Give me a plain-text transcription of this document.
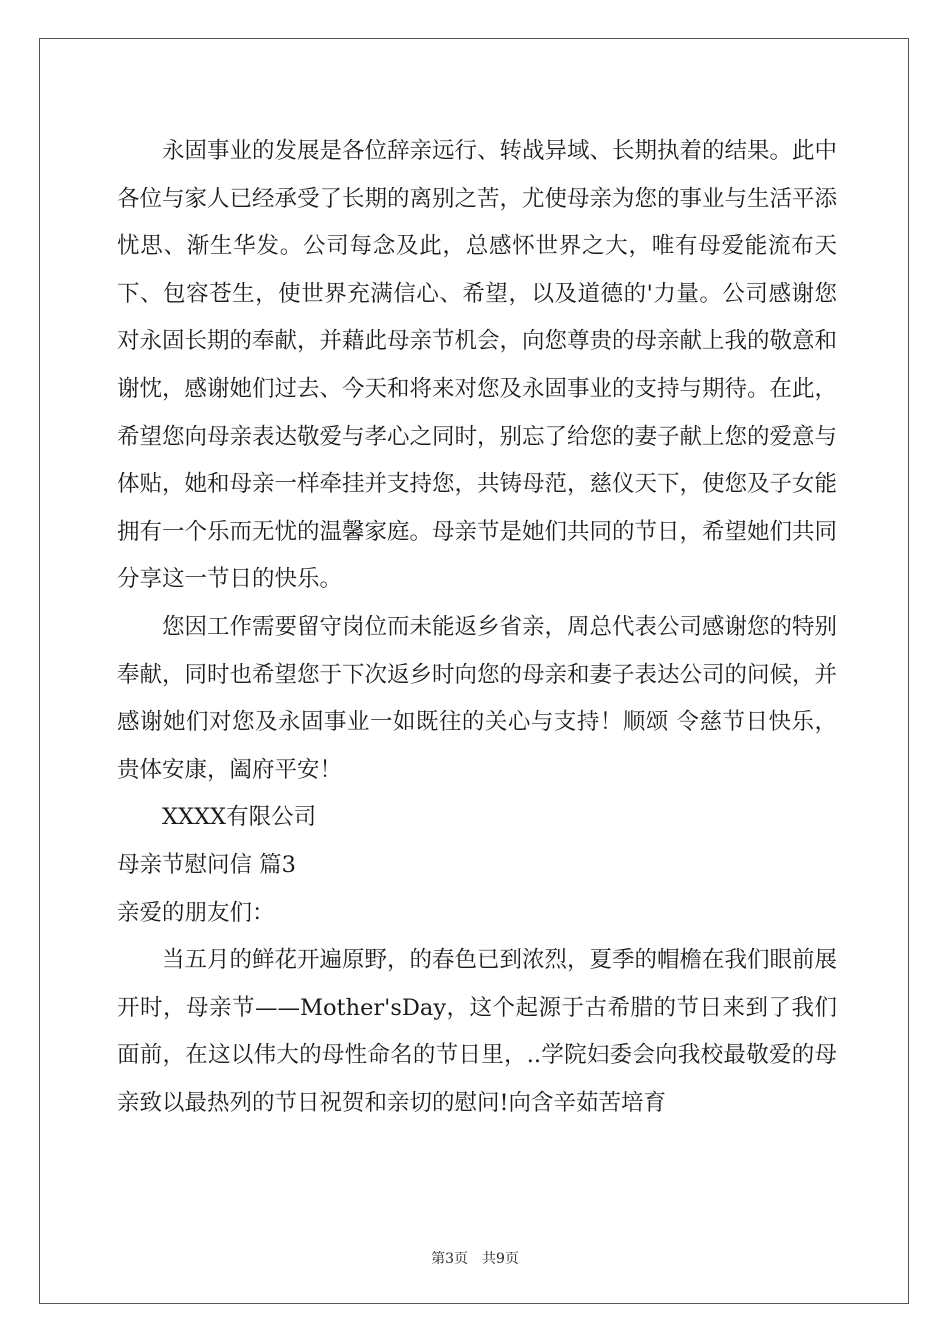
永固事业的发展是各位辞亲远行、转战异域、长期执着的结果。此中各位与家人已经承受了长期的离别之苦，尤使母亲为您的事业与生活平添忧思、渐生华发。公司每念及此，总感怀世界之大，唯有母爱能流布天下、包容苍生，使世界充满信心、希望，以及道德的'力量。公司感谢您对永固长期的奉献，并藉此母亲节机会，向您尊贵的母亲献上我的敬意和谢忱，感谢她们过去、今天和将来对您及永固事业的支持与期待。在此，希望您向母亲表达敬爱与孝心之同时，别忘了给您的妻子献上您的爱意与体贴，她和母亲一样牵挂并支持您，共铸母范，慈仪天下，使您及子女能拥有一个乐而无忧的温馨家庭。母亲节是她们共同的节日，希望她们共同分享这一节日的快乐。

您因工作需要留守岗位而未能返乡省亲，周总代表公司感谢您的特别奉献，同时也希望您于下次返乡时向您的母亲和妻子表达公司的问候，并感谢她们对您及永固事业一如既往的关心与支持！顺颂 令慈节日快乐，贵体安康，阖府平安！

XXXX有限公司

母亲节慰问信 篇3

亲爱的朋友们：

当五月的鲜花开遍原野，的春色已到浓烈，夏季的帽檐在我们眼前展开时，母亲节——Mother'sDay，这个起源于古希腊的节日来到了我们面前，在这以伟大的母性命名的节日里，..学院妇委会向我校最敬爱的母亲致以最热列的节日祝贺和亲切的慰问!向含辛茹苦培育

第3页 共9页
